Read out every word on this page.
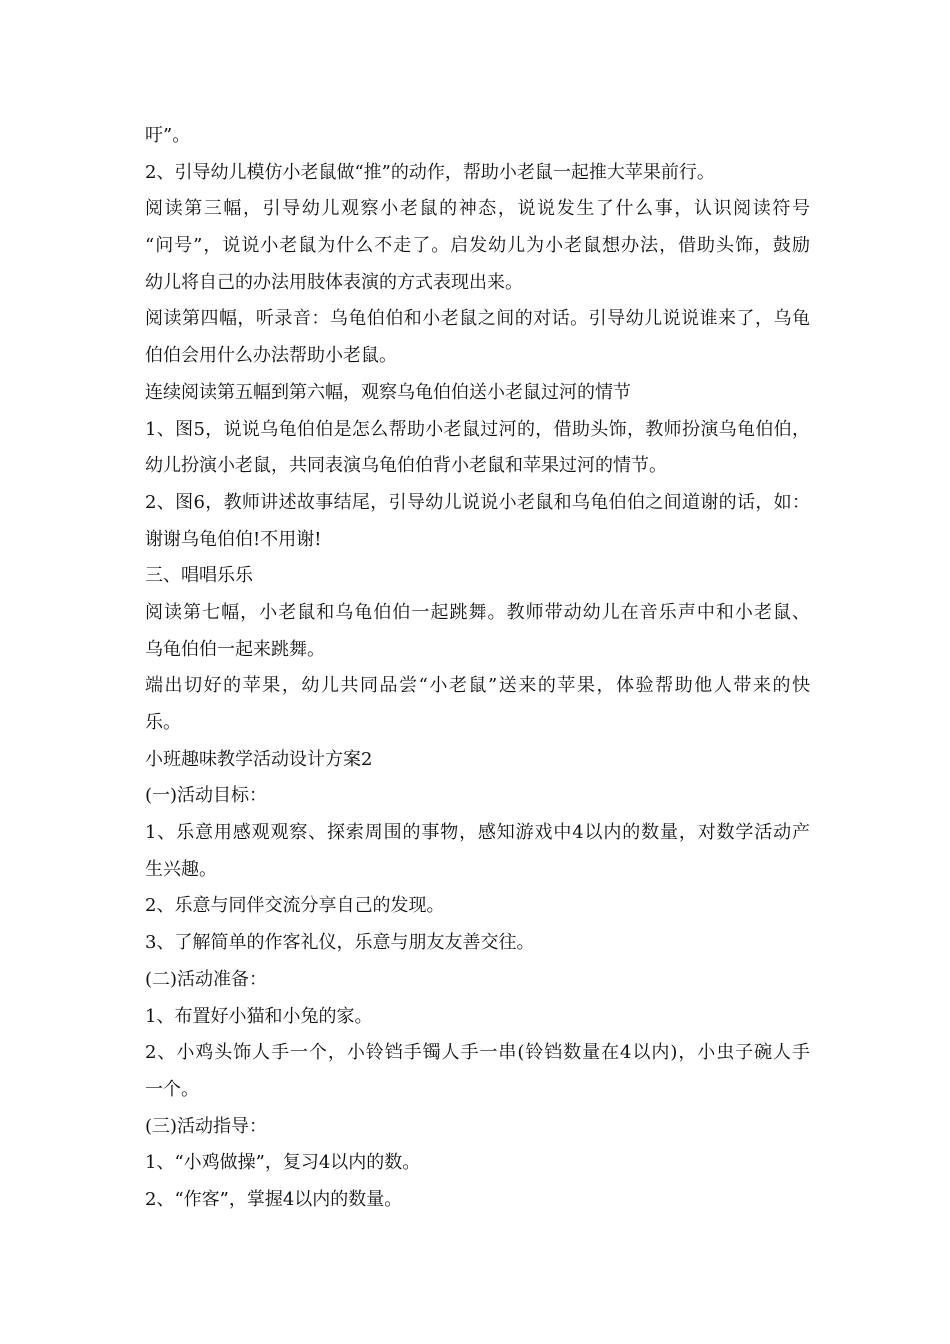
吁”。
2、引导幼儿模仿小老鼠做“推”的动作，帮助小老鼠一起推大苹果前行。
阅读第三幅，引导幼儿观察小老鼠的神态，说说发生了什么事，认识阅读符号
“问号”，说说小老鼠为什么不走了。启发幼儿为小老鼠想办法，借助头饰，鼓励
幼儿将自己的办法用肢体表演的方式表现出来。
阅读第四幅，听录音：乌龟伯伯和小老鼠之间的对话。引导幼儿说说谁来了，乌龟
伯伯会用什么办法帮助小老鼠。
连续阅读第五幅到第六幅，观察乌龟伯伯送小老鼠过河的情节
1、图5，说说乌龟伯伯是怎么帮助小老鼠过河的，借助头饰，教师扮演乌龟伯伯，
幼儿扮演小老鼠，共同表演乌龟伯伯背小老鼠和苹果过河的情节。
2、图6，教师讲述故事结尾，引导幼儿说说小老鼠和乌龟伯伯之间道谢的话，如：
谢谢乌龟伯伯!不用谢!
三、唱唱乐乐
阅读第七幅，小老鼠和乌龟伯伯一起跳舞。教师带动幼儿在音乐声中和小老鼠、
乌龟伯伯一起来跳舞。
端出切好的苹果，幼儿共同品尝“小老鼠”送来的苹果，体验帮助他人带来的快
乐。
小班趣味教学活动设计方案2
(一)活动目标：
1、乐意用感观观察、探索周围的事物，感知游戏中4以内的数量，对数学活动产
生兴趣。
2、乐意与同伴交流分享自己的发现。
3、了解简单的作客礼仪，乐意与朋友友善交往。
(二)活动准备：
1、布置好小猫和小兔的家。
2、小鸡头饰人手一个，小铃铛手镯人手一串(铃铛数量在4以内)，小虫子碗人手
一个。
(三)活动指导：
1、“小鸡做操”，复习4以内的数。
2、“作客”，掌握4以内的数量。
